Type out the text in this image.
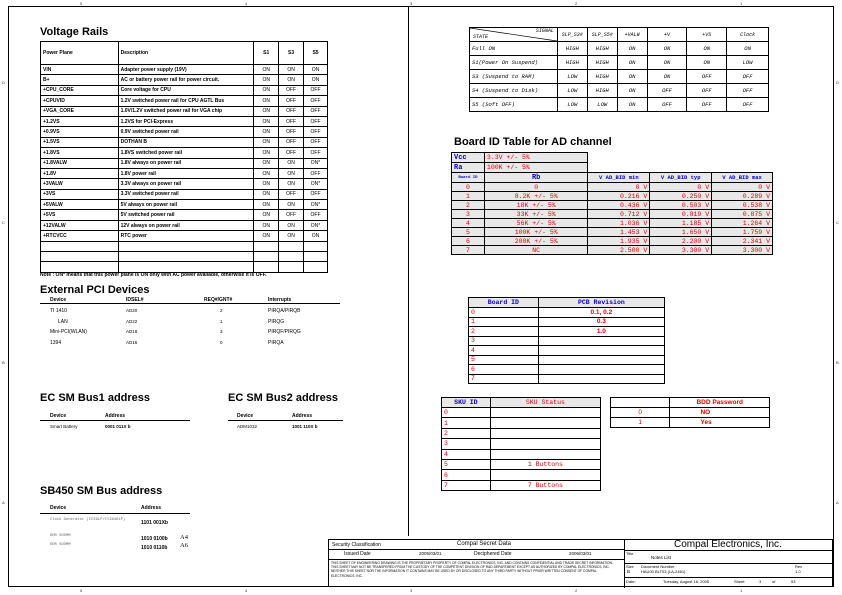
5	4	3	2	1
5	4	3	2	1
A
B
C
D
A
B
C
D
Voltage Rails
Power Plane	Description	S1	S3	S5
VIN	Adapter power supply (19V)	ON	ON	ON
B+	AC or battery power rail for power circuit.	ON	ON	ON
+CPU_CORE	Core voltage for CPU	ON	OFF	OFF
+CPUVID	1.2V switched power rail for CPU AGTL Bus	ON	OFF	OFF
+VGA_CORE	1.0V/1.2V switched power rail for VGA chip	ON	OFF	OFF
+1.2VS	1.2VS for PCI-Express	ON	OFF	OFF
+0.9VS	0.9V switched power rail	ON	OFF	OFF
+1.5VS	DOTHAN B	ON	OFF	OFF
+1.8VS	1.8VS switched power rail	ON	OFF	OFF
+1.8VALW	1.8V always on power rail	ON	ON	ON*
+1.8V	1.8V power rail	ON	ON	OFF
+3VALW	3.3V always on power rail	ON	ON	ON*
+3VS	3.3V switched power rail	ON	OFF	OFF
+5VALW	5V always on power rail	ON	ON	ON*
+5VS	5V switched power rail	ON	OFF	OFF
+12VALW	12V always on power rail	ON	ON	ON*
+RTCVCC	RTC power	ON	ON	ON

Note : ON* means that this power plane is ON only with AC power available, otherwise it is OFF.
External PCI Devices
Device	IDSEL#	REQ#/GNT#	Interrupts
TI 1410	AD20	2	PIRQA/PIRQB
LAN	AD22	1	PIRQG
Mini-PCI(WLAN)	AD18	3	PIRQF/PIRQG
1394	AD16	0	PIRQA
EC SM Bus1 address
Device	Address
Smart Battery	0001 011X b
EC SM Bus2 address
Device	Address
ADM1032	1001 110X b
SB450 SM Bus address
Device	Address
Clock Generator (ICS9LP/CY28461P)	1101 001Xb
DDR SODMM	1010 0100b A4
DDR SODMM	1010 0110b A6
STATE
SIGNAL	SLP_S3#	SLP_S5#	+VALW	+V	+VS	Clock
Full ON	HIGH	HIGH	ON	ON	ON	ON
S1(Power On Suspend)	HIGH	HIGH	ON	ON	ON	LOW
S3 (Suspend to RAM)	LOW	HIGH	ON	ON	OFF	OFF
S4 (Suspend to Disk)	LOW	HIGH	ON	OFF	OFF	OFF
S5 (Soft OFF)	LOW	LOW	ON	OFF	OFF	OFF
Board ID Table for AD channel
Vcc	3.3V +/- 5%			
Ra	100K +/- 5%			
Board ID	Rb	V AD_BID min	V AD_BID typ	V AD_BID max
0	0	0 V	0 V	0 V
1	8.2K +/- 5%	0.216 V	0.250 V	0.289 V
2	18K +/- 5%	0.436 V	0.503 V	0.538 V
3	33K +/- 5%	0.712 V	0.819 V	0.875 V
4	56K +/- 5%	1.036 V	1.185 V	1.264 V
5	100K +/- 5%	1.453 V	1.650 V	1.759 V
6	200K +/- 5%	1.935 V	2.200 V	2.341 V
7	NC	2.500 V	3.300 V	3.300 V
Board ID	PCB Revision
0	0.1, 0.2
1	0.3
2	1.0
3	
4	
5	
6	
7	
SKU ID	SKU Status
0	
1	
2	
3	
4	
5	1 Buttons
6	
7	7 Buttons
	BDD Password
0	NO
1	Yes
Security Classification	Compal Secret Data
Issued Date	2005/03/01	Deciphered Date	2006/03/01
THIS SHEET OF ENGINEERING DRAWING IS THE PROPRIETARY PROPERTY OF COMPAL ELECTRONICS, INC. AND CONTAINS CONFIDENTIAL AND TRADE SECRET INFORMATION. THIS SHEET MAY NOT BE TRANSFERED FROM THE CUSTODY OF THE COMPETENT DIVISION OF R&D DEPARTMENT EXCEPT AS AUTHORIZED BY COMPAL ELECTRONICS, INC. NEITHER THIS SHEET NOR THE INFORMATION IT CONTAINS MAY BE USED BY OR DISCLOSED TO ANY THIRD PARTY WITHOUT PRIOR WRITTEN CONSENT OF COMPAL ELECTRONICS, INC.
Compal Electronics, Inc.
Title
Notes List
Size
B
Document Number
HAU00 BLT03 (LA-2461)
Rev
1.0
Date:	Tuesday, August 16, 2005	Sheet	3	of	53
